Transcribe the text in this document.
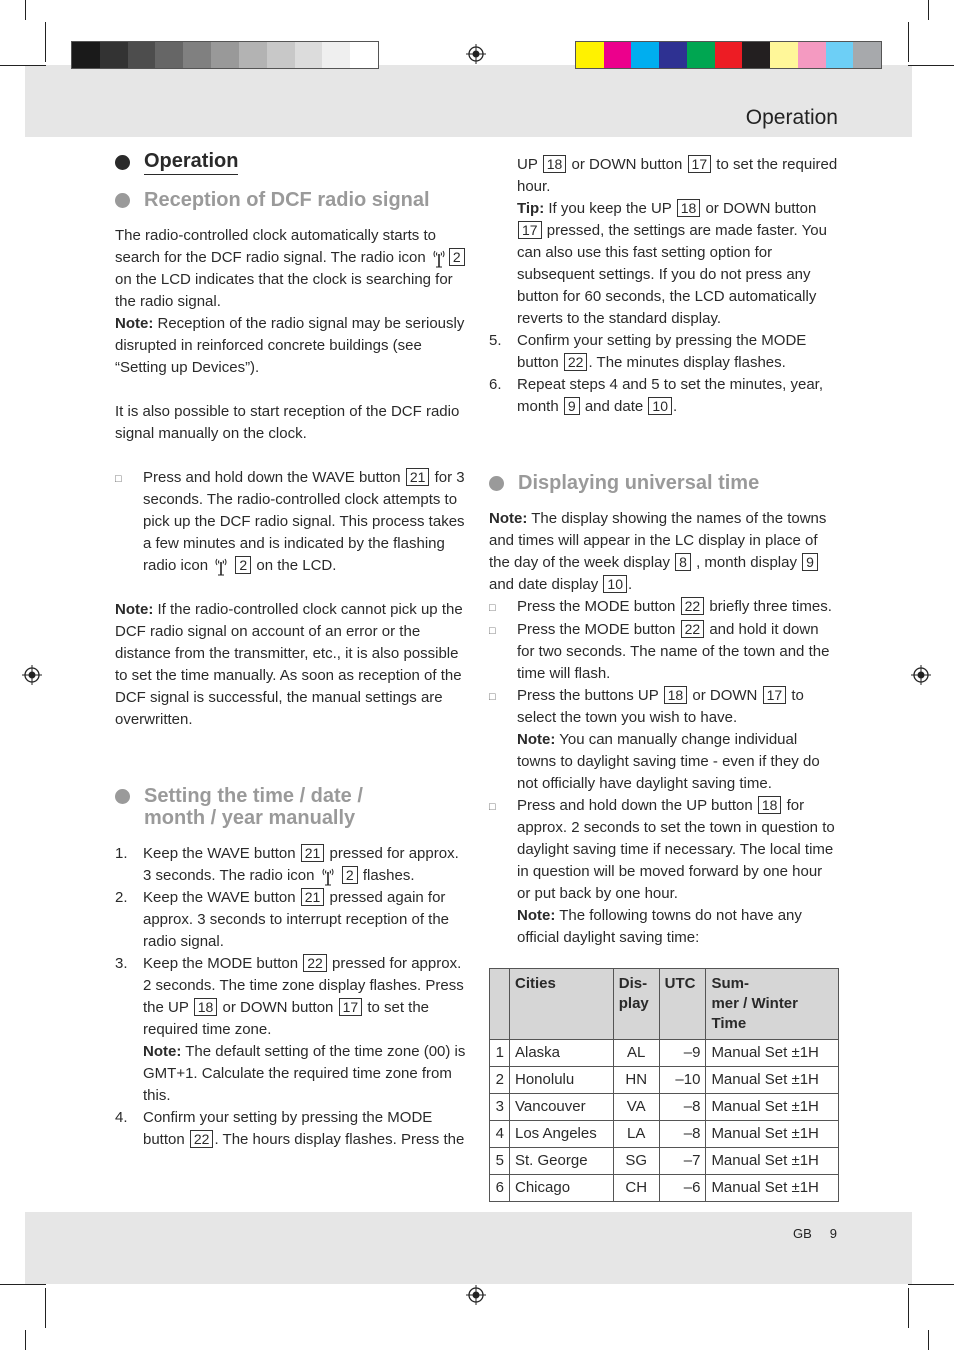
Operation
GB 9
Operation
Reception of DCF radio signal

The radio-controlled clock automatically starts to search for the DCF radio signal. The radio icon 2 on the LCD indicates that the clock is searching for the radio signal.

Note: Reception of the radio signal may be seriously disrupted in reinforced concrete buildings (see “Setting up Devices”).

It is also possible to start reception of the DCF radio signal manually on the clock.

□	Press and hold down the WAVE button 21 for 3 seconds. The radio-controlled clock attempts to pick up the DCF radio signal. This process takes a few minutes and is indicated by the flashing radio icon 2 on the LCD.

Note: If the radio-controlled clock cannot pick up the DCF radio signal on account of an error or the distance from the transmitter, etc., it is also possible to set the time manually. As soon as reception of the DCF signal is successful, the manual settings are overwritten.

Setting the time / date /
month / year manually
1.	Keep the WAVE button 21 pressed for approx. 3 seconds. The radio icon 2 flashes.
2.	Keep the WAVE button 21 pressed again for approx. 3 seconds to interrupt reception of the radio signal.
3.	Keep the MODE button 22 pressed for approx. 2 seconds. The time zone display flashes. Press the UP 18 or DOWN button 17 to set the required time zone.

Note: The default setting of the time zone (00) is GMT+1. Calculate the required time zone from this.

4.	Confirm your setting by pressing the MODE button 22 . The hours display flashes. Press the

UP 18 or DOWN button 17 to set the required hour.

Tip: If you keep the UP 18 or DOWN button 17 pressed, the settings are made faster. You can also use this fast setting option for subsequent settings. If you do not press any button for 60 seconds, the LCD automatically reverts to the standard display.

5.	Confirm your setting by pressing the MODE button 22 . The minutes display flashes.
6.	Repeat steps 4 and 5 to set the minutes, year, month 9 and date 10 .
Displaying universal time

Note: The display showing the names of the towns and times will appear in the LC display in place of the day of the week display 8 , month display 9 and date display 10 .

□	Press the MODE button 22 briefly three times.
□	Press the MODE button 22 and hold it down for two seconds. The name of the town and the time will flash.
□	Press the buttons UP 18 or DOWN 17 to select the town you wish to have.

Note: You can manually change individual towns to daylight saving time - even if they do not officially have daylight saving time.

□	Press and hold down the UP button 18 for approx. 2 seconds to set the town in question to daylight saving time if necessary. The local time in question will be moved forward by one hour or put back by one hour.

Note: The following towns do not have any official daylight saving time:

	Cities	Dis-
play	UTC	Sum-
mer / Winter
Time
1	Alaska	AL	–9	Manual Set ±1H
2	Honolulu	HN	–10	Manual Set ±1H
3	Vancouver	VA	–8	Manual Set ±1H
4	Los Angeles	LA	–8	Manual Set ±1H
5	St. George	SG	–7	Manual Set ±1H
6	Chicago	CH	–6	Manual Set ±1H
